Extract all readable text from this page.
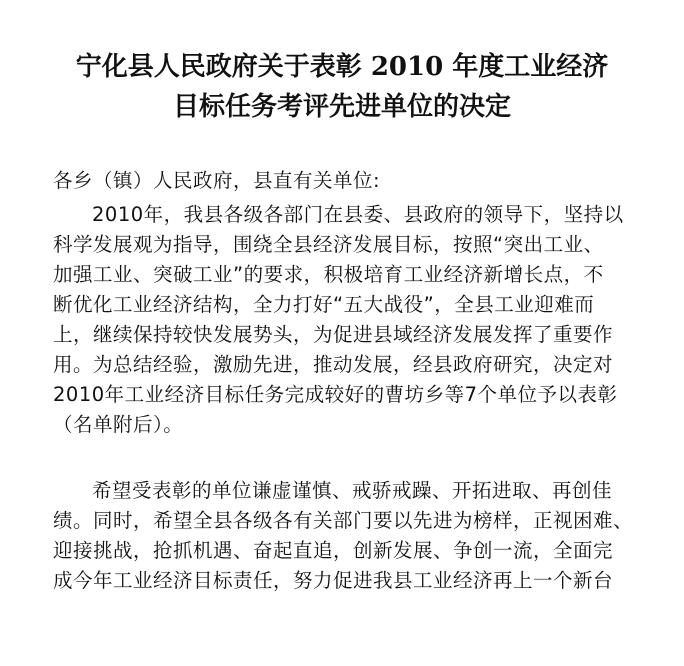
宁化县人民政府关于表彰 2010 年度工业经济
目标任务考评先进单位的决定
各乡（镇）人民政府，县直有关单位:
2010年，我县各级各部门在县委、县政府的领导下，坚持以
科学发展观为指导，围绕全县经济发展目标，按照“突出工业、
加强工业、突破工业”的要求，积极培育工业经济新增长点，不
断优化工业经济结构，全力打好“五大战役”，全县工业迎难而
上，继续保持较快发展势头，为促进县域经济发展发挥了重要作
用。为总结经验，激励先进，推动发展，经县政府研究，决定对
2010年工业经济目标任务完成较好的曹坊乡等7个单位予以表彰
（名单附后）。
希望受表彰的单位谦虚谨慎、戒骄戒躁、开拓进取、再创佳
绩。同时，希望全县各级各有关部门要以先进为榜样，正视困难、
迎接挑战，抢抓机遇、奋起直追，创新发展、争创一流，全面完
成今年工业经济目标责任，努力促进我县工业经济再上一个新台
